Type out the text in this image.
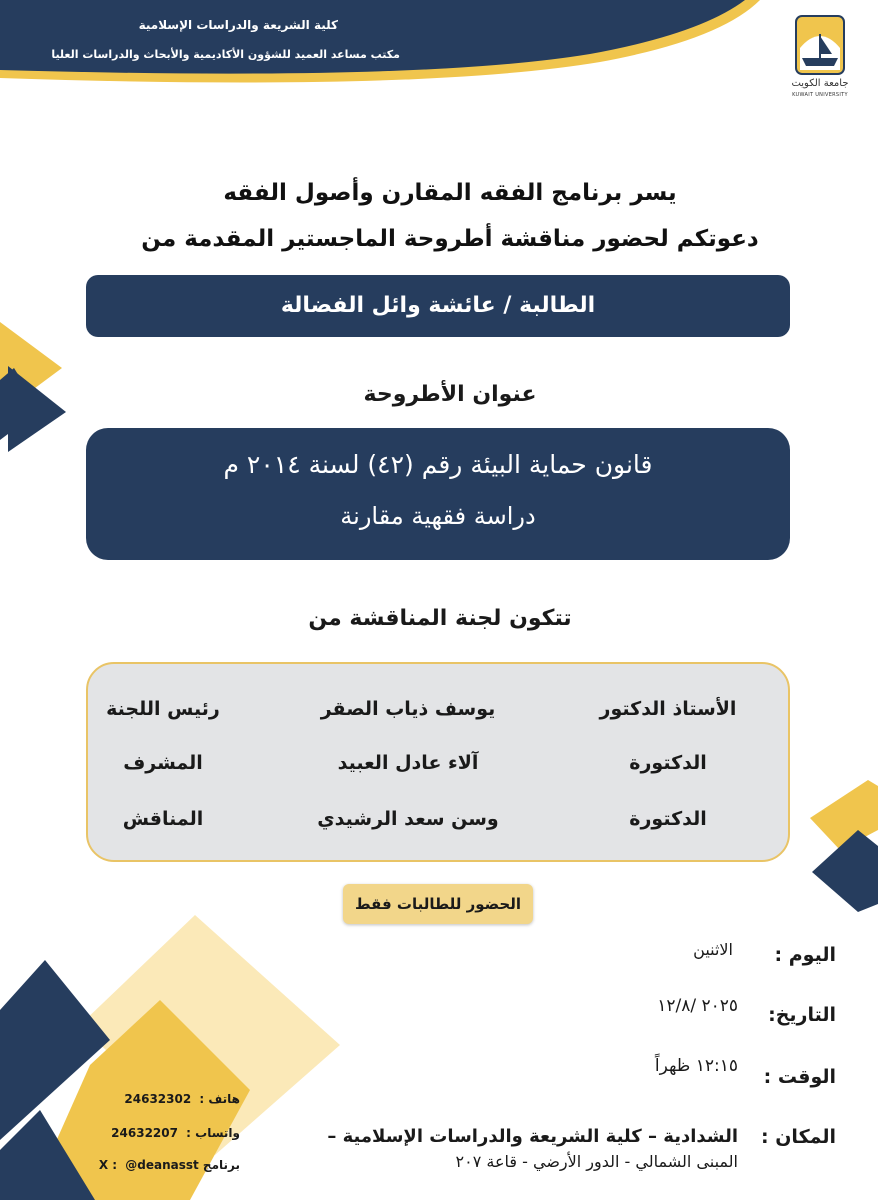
كلية الشريعة والدراسات الإسلامية
مكتب مساعد العميد للشؤون الأكاديمية والأبحاث والدراسات العليا
جامعة الكويت
KUWAIT UNIVERSITY
يسر برنامج الفقه المقارن وأصول الفقه
دعوتكم لحضور مناقشة أطروحة الماجستير المقدمة من
الطالبة / عائشة وائل الفضالة
عنوان الأطروحة
قانون حماية البيئة رقم (٤٢) لسنة ٢٠١٤ م
دراسة فقهية مقارنة
تتكون لجنة المناقشة من
الأستاذ الدكتور
يوسف ذياب الصقر
رئيس اللجنة
الدكتورة
آلاء عادل العبيد
المشرف
الدكتورة
وسن سعد الرشيدي
المناقش
الحضور للطالبات فقط
اليوم :
الاثنين
التاريخ:
٢٠٢٥ /١٢/٨
الوقت :
١٢:١٥ ظهراً
المكان :
الشدادية – كلية الشريعة والدراسات الإسلامية –
المبنى الشمالي - الدور الأرضي - قاعة ٢٠٧
هاتف : 24632302
واتساب : 24632207
برنامج X : @deanasst
